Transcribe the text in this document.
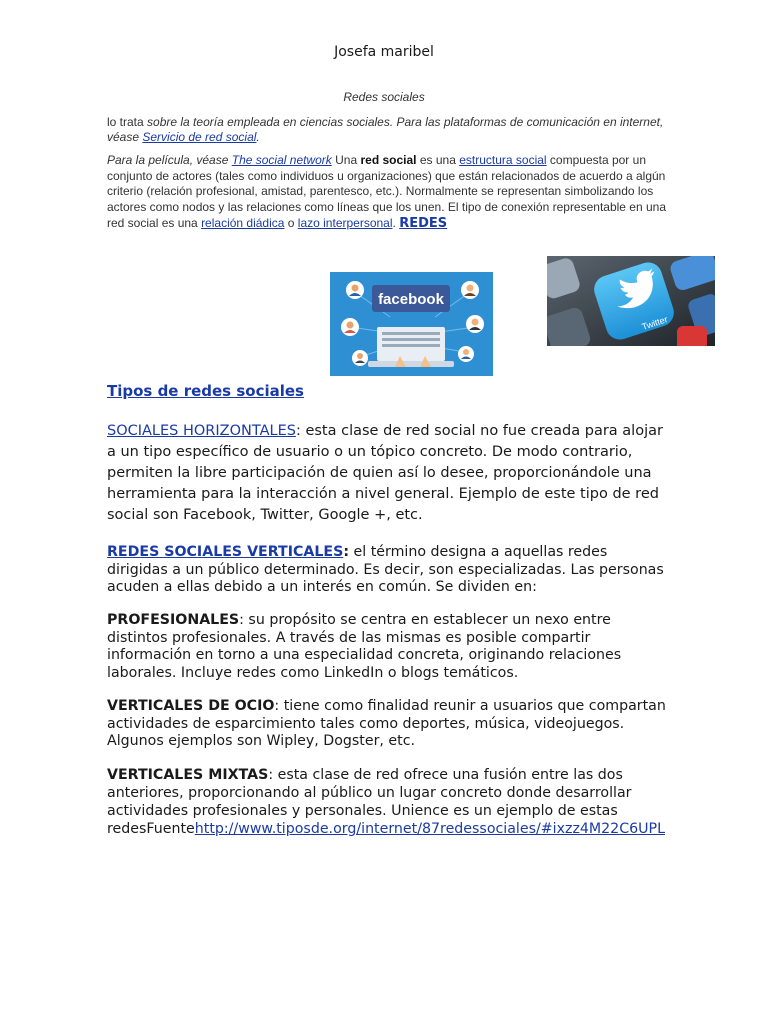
Josefa maribel
Redes sociales
lo trata sobre la teoría empleada en ciencias sociales. Para las plataformas de comunicación en internet, véase Servicio de red social.
Para la película, véase The social network Una red social es una estructura social compuesta por un conjunto de actores (tales como individuos u organizaciones) que están relacionados de acuerdo a algún criterio (relación profesional, amistad, parentesco, etc.). Normalmente se representan simbolizando los actores como nodos y las relaciones como líneas que los unen. El tipo de conexión representable en una red social es una relación diádica o lazo interpersonal. REDES
facebook
Twitter
Tipos de redes sociales
SOCIALES HORIZONTALES: esta clase de red social no fue creada para alojar a un tipo específico de usuario o un tópico concreto. De modo contrario, permiten la libre participación de quien así lo desee, proporcionándole una herramienta para la interacción a nivel general. Ejemplo de este tipo de red social son Facebook, Twitter, Google +, etc.
REDES SOCIALES VERTICALES: el término designa a aquellas redes dirigidas a un público determinado. Es decir, son especializadas. Las personas acuden a ellas debido a un interés en común. Se dividen en:
PROFESIONALES: su propósito se centra en establecer un nexo entre distintos profesionales. A través de las mismas es posible compartir información en torno a una especialidad concreta, originando relaciones laborales. Incluye redes como LinkedIn o blogs temáticos.
VERTICALES DE OCIO: tiene como finalidad reunir a usuarios que compartan actividades de esparcimiento tales como deportes, música, videojuegos. Algunos ejemplos son Wipley, Dogster, etc.
VERTICALES MIXTAS: esta clase de red ofrece una fusión entre las dos anteriores, proporcionando al público un lugar concreto donde desarrollar actividades profesionales y personales. Unience es un ejemplo de estas redesFuentehttp://www.tiposde.org/internet/87redessociales/#ixzz4M22C6UPL
